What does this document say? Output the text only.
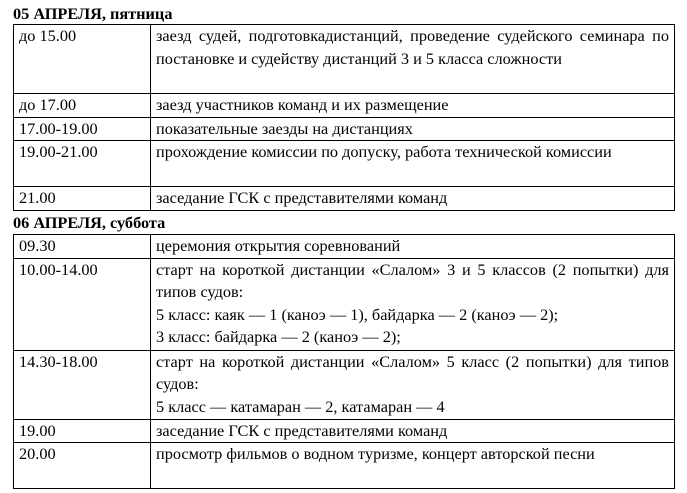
05 АПРЕЛЯ, пятница
до 15.00	заезд судей, подготовкадистанций, проведение судейского семинара по постановке и судейству дистанций 3 и 5 класса сложности

до 17.00	заезд участников команд и их размещение

17.00-19.00	показательные заезды на дистанциях

19.00-21.00	прохождение комиссии по допуску, работа технической комиссии

21.00	заседание ГСК с представителями команд
06 АПРЕЛЯ, суббота
09.30	церемония открытия соревнований

10.00-14.00	старт на короткой дистанции «Слалом» 3 и 5 классов (2 попытки) для типов судов:
5 класс: каяк — 1 (каноэ — 1), байдарка — 2 (каноэ — 2);
3 класс: байдарка — 2 (каноэ — 2);

14.30-18.00	старт на короткой дистанции «Слалом» 5 класс (2 попытки) для типов судов:
5 класс — катамаран — 2, катамаран — 4

19.00	заседание ГСК с представителями команд

20.00	просмотр фильмов о водном туризме, концерт авторской песни
